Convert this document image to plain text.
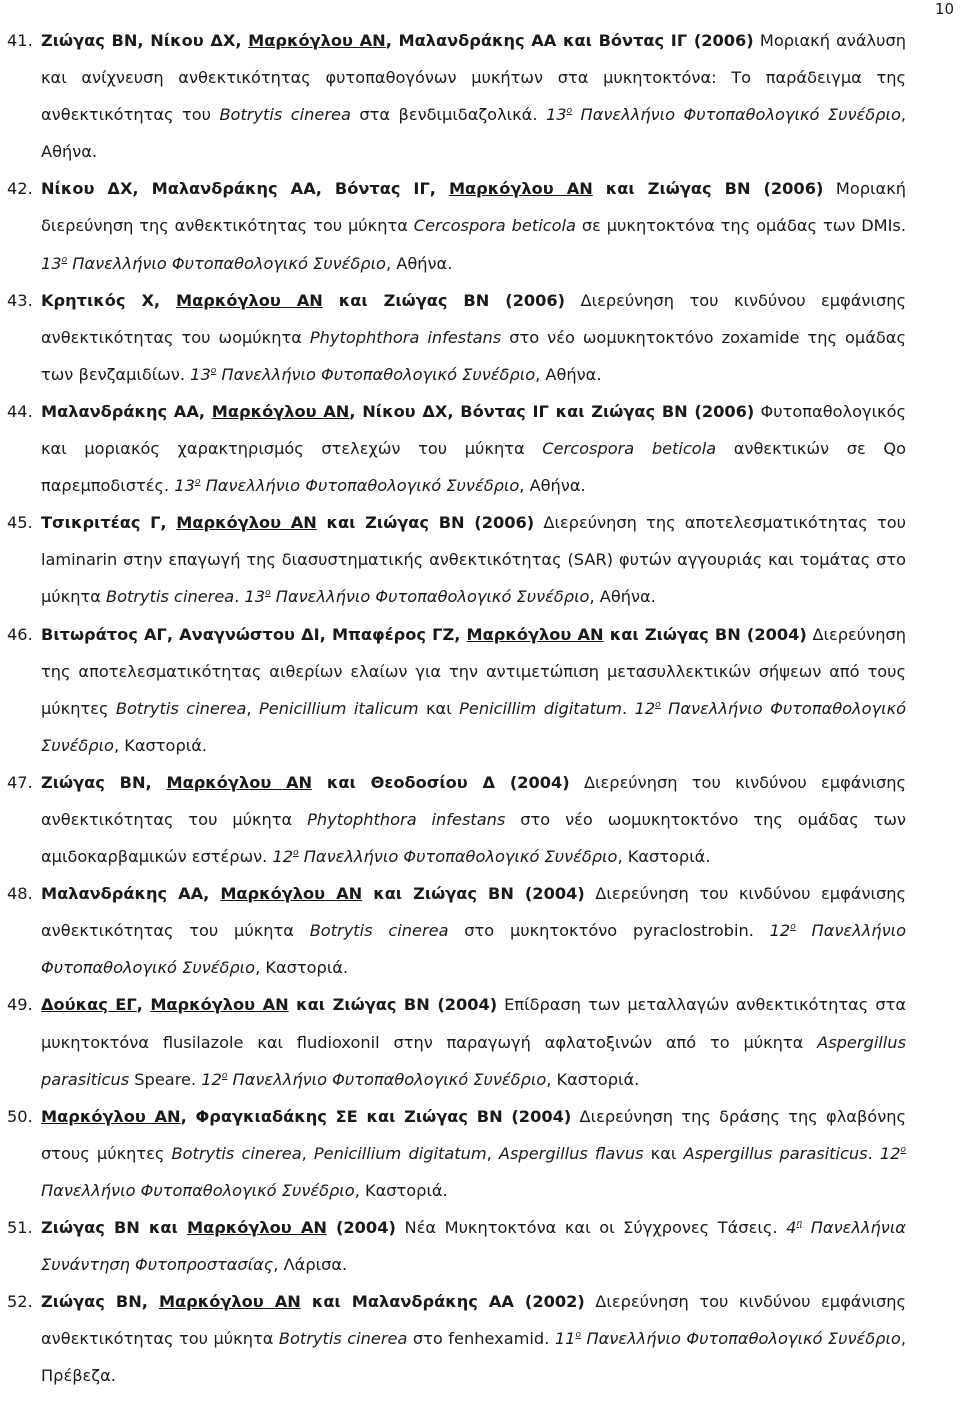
10
41. Ζιώγας ΒΝ, Νίκου ΔΧ, Μαρκόγλου ΑΝ, Μαλανδράκης ΑΑ και Βόντας ΙΓ (2006) Μοριακή ανάλυση και ανίχνευση ανθεκτικότητας φυτοπαθογόνων μυκήτων στα μυκητοκτόνα: Το παράδειγμα της ανθεκτικότητας του Botrytis cinerea στα βενδιμιδαζολικά. $13^o$ Πανελλήνιο Φυτοπαθολογικό Συνέδριο, Αθήνα.
42. Νίκου ΔΧ, Μαλανδράκης ΑΑ, Βόντας ΙΓ, Μαρκόγλου ΑΝ και Ζιώγας ΒΝ (2006) Μοριακή διερεύνηση της ανθεκτικότητας του μύκητα Cercospora beticola σε μυκητοκτόνα της ομάδας των DMIs. $13^o$ Πανελλήνιο Φυτοπαθολογικό Συνέδριο, Αθήνα.
43. Κρητικός Χ, Μαρκόγλου ΑΝ και Ζιώγας ΒΝ (2006) Διερεύνηση του κινδύνου εμφάνισης ανθεκτικότητας του ωομύκητα Phytophthora infestans στο νέο ωομυκητοκτόνο zoxamide της ομάδας των βενζαμιδίων. $13^o$ Πανελλήνιο Φυτοπαθολογικό Συνέδριο, Αθήνα.
44. Μαλανδράκης ΑΑ, Μαρκόγλου ΑΝ, Νίκου ΔΧ, Βόντας ΙΓ και Ζιώγας ΒΝ (2006) Φυτοπαθολογικός και μοριακός χαρακτηρισμός στελεχών του μύκητα Cercospora beticola ανθεκτικών σε Qo παρεμποδιστές. $13^o$ Πανελλήνιο Φυτοπαθολογικό Συνέδριο, Αθήνα.
45. Τσικριτέας Γ, Μαρκόγλου ΑΝ και Ζιώγας ΒΝ (2006) Διερεύνηση της αποτελεσματικότητας του laminarin στην επαγωγή της διασυστηματικής ανθεκτικότητας (SAR) φυτών αγγουριάς και τομάτας στο μύκητα Botrytis cinerea. $13^o$ Πανελλήνιο Φυτοπαθολογικό Συνέδριο, Αθήνα.
46. Βιτωράτος ΑΓ, Αναγνώστου ΔΙ, Μπαφέρος ΓΖ, Μαρκόγλου ΑΝ και Ζιώγας ΒΝ (2004) Διερεύνηση της αποτελεσματικότητας αιθερίων ελαίων για την αντιμετώπιση μετασυλλεκτικών σήψεων από τους μύκητες Botrytis cinerea, Penicillium italicum και Penicillim digitatum. $12^o$ Πανελλήνιο Φυτοπαθολογικό Συνέδριο, Καστοριά.
47. Ζιώγας ΒΝ, Μαρκόγλου ΑΝ και Θεοδοσίου Δ (2004) Διερεύνηση του κινδύνου εμφάνισης ανθεκτικότητας του μύκητα Phytophthora infestans στο νέο ωομυκητοκτόνο της ομάδας των αμιδοκαρβαμικών εστέρων. $12^o$ Πανελλήνιο Φυτοπαθολογικό Συνέδριο, Καστοριά.
48. Μαλανδράκης ΑΑ, Μαρκόγλου ΑΝ και Ζιώγας ΒΝ (2004) Διερεύνηση του κινδύνου εμφάνισης ανθεκτικότητας του μύκητα Botrytis cinerea στο μυκητοκτόνο pyraclostrobin. $12^o$ Πανελλήνιο Φυτοπαθολογικό Συνέδριο, Καστοριά.
49. Δούκας ΕΓ, Μαρκόγλου ΑΝ και Ζιώγας ΒΝ (2004) Επίδραση των μεταλλαγών ανθεκτικότητας στα μυκητοκτόνα flusilazole και fludioxonil στην παραγωγή αφλατοξινών από το μύκητα Aspergillus parasiticus Speare. $12^o$ Πανελλήνιο Φυτοπαθολογικό Συνέδριο, Καστοριά.
50. Μαρκόγλου ΑΝ, Φραγκιαδάκης ΣΕ και Ζιώγας ΒΝ (2004) Διερεύνηση της δράσης της φλαβόνης στους μύκητες Botrytis cinerea, Penicillium digitatum, Aspergillus flavus και Aspergillus parasiticus. $12^o$ Πανελλήνιο Φυτοπαθολογικό Συνέδριο, Καστοριά.
51. Ζιώγας ΒΝ και Μαρκόγλου ΑΝ (2004) Νέα Μυκητοκτόνα και οι Σύγχρονες Τάσεις. $4^\eta$ Πανελλήνια Συνάντηση Φυτοπροστασίας, Λάρισα.
52. Ζιώγας ΒΝ, Μαρκόγλου ΑΝ και Μαλανδράκης ΑΑ (2002) Διερεύνηση του κινδύνου εμφάνισης ανθεκτικότητας του μύκητα Botrytis cinerea στο fenhexamid. $11^o$ Πανελλήνιο Φυτοπαθολογικό Συνέδριο, Πρέβεζα.
